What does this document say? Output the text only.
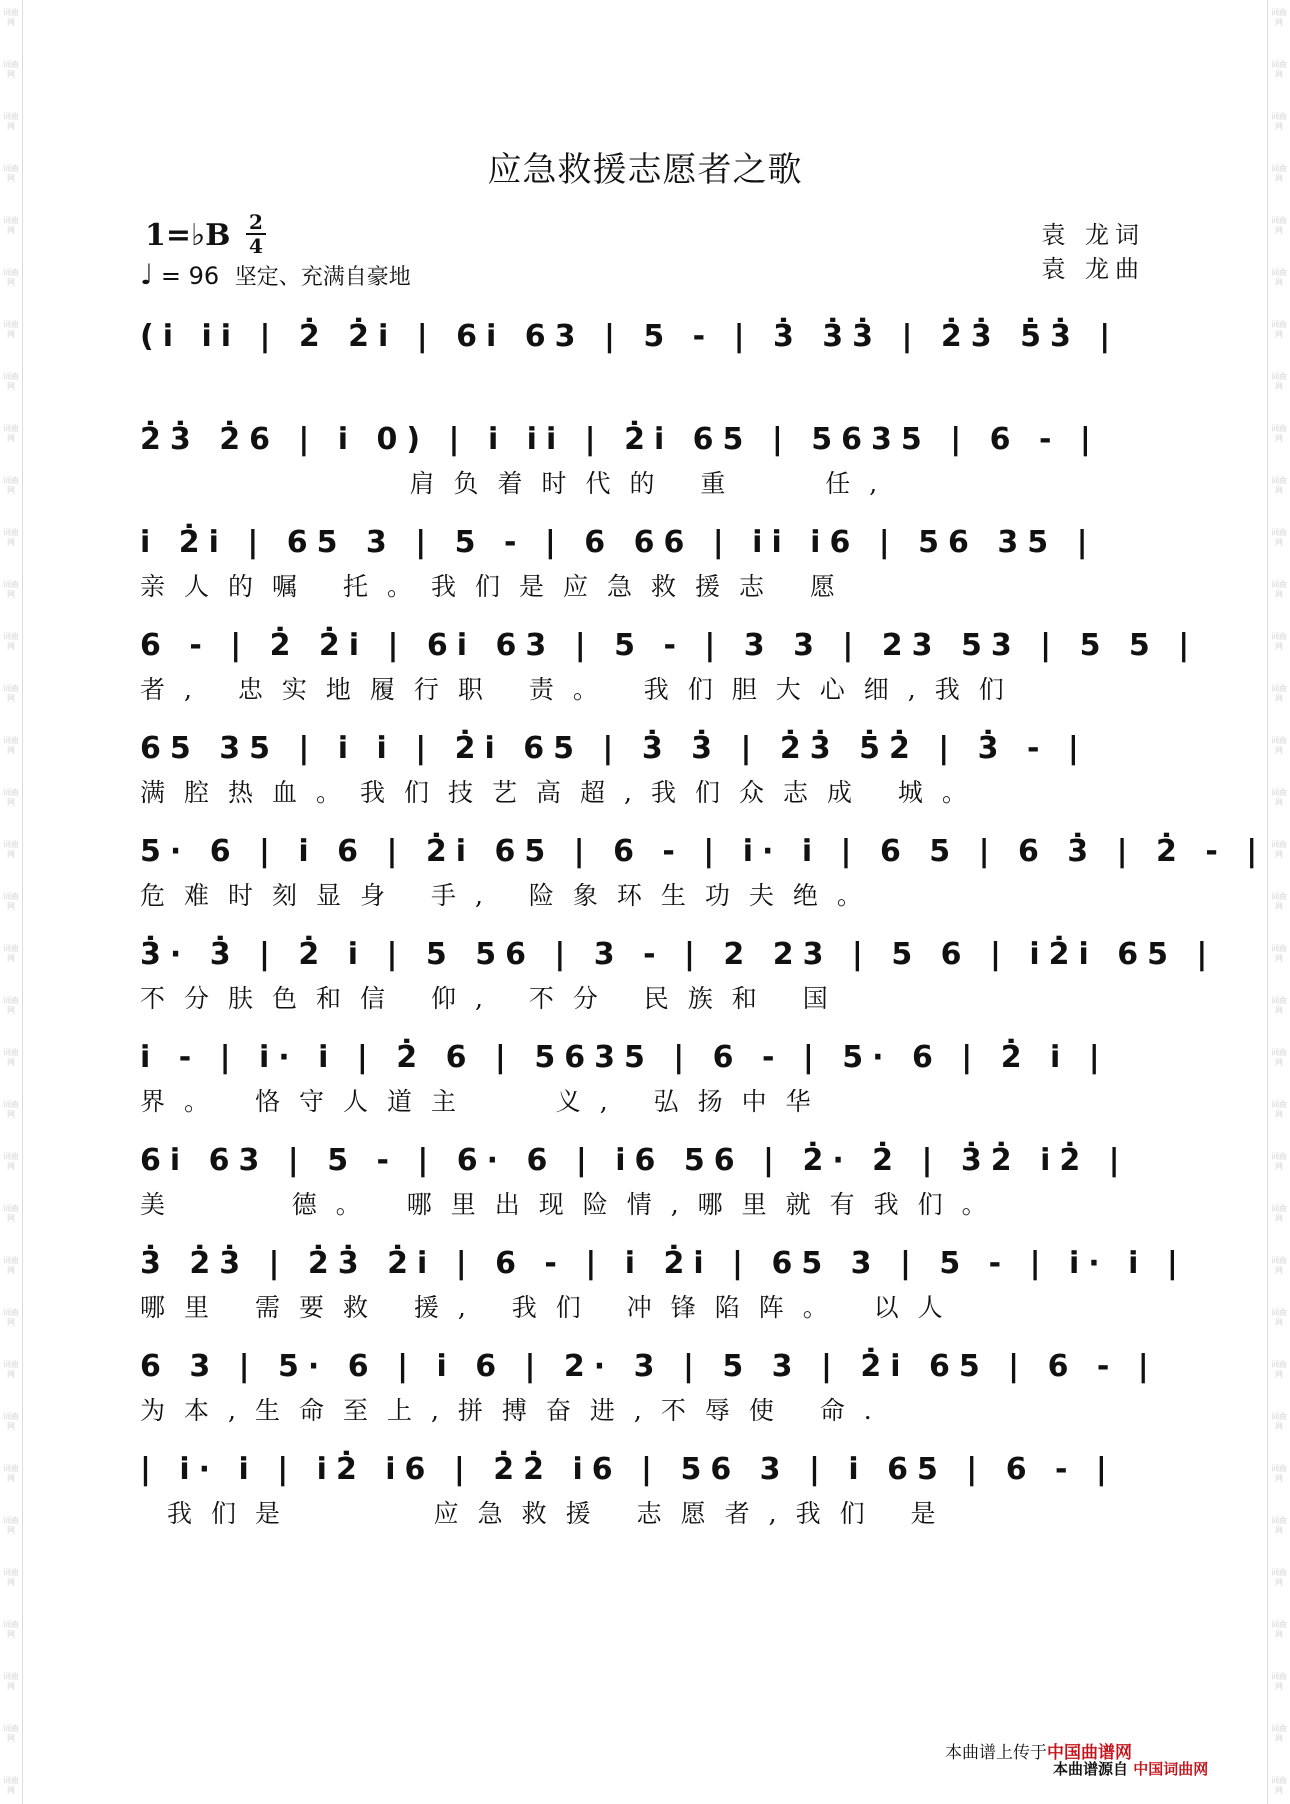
词曲网
词曲网
词曲网
词曲网
词曲网
词曲网
词曲网
词曲网
词曲网
词曲网
词曲网
词曲网
词曲网
词曲网
词曲网
词曲网
词曲网
词曲网
词曲网
词曲网
词曲网
词曲网
词曲网
词曲网
词曲网
词曲网
词曲网
词曲网
词曲网
词曲网
词曲网
词曲网
词曲网
词曲网
词曲网
词曲网
词曲网
词曲网
词曲网
词曲网
词曲网
词曲网
词曲网
词曲网
词曲网
词曲网
词曲网
词曲网
词曲网
词曲网
词曲网
词曲网
词曲网
词曲网
词曲网
词曲网
词曲网
词曲网
词曲网
词曲网
词曲网
词曲网
词曲网
词曲网
词曲网
词曲网
词曲网
词曲网
词曲网
词曲网
应急救援志愿者之歌
1=♭B 2
4
♩ = 96 坚定、充满自豪地
袁 龙词
袁 龙曲
(i̇ i̇i̇ | 2̇ 2̇i̇ | 6i̇ 63 | 5 - | 3̇ 3̇3̇ | 2̇3̇ 5̇3̇ |
2̇3̇ 2̇6 | i̇ 0) | i̇ i̇i̇ | 2̇i̇ 65 | 5635 | 6 - |
肩负着时代的 重   任,
i̇ 2̇i̇ | 65 3 | 5 - | 6 66 | i̇i̇ i̇6 | 56 35 |
亲人的嘱 托。我们是应急救援志 愿
6 - | 2̇ 2̇i̇ | 6i̇ 63 | 5 - | 3 3 | 23 53 | 5 5 |
者, 忠实地履行职 责。 我们胆大心细,我们
65 35 | i̇ i̇ | 2̇i̇ 65 | 3̇ 3̇ | 2̇3̇ 5̇2̇ | 3̇ - |
满腔热血。我们技艺高超,我们众志成 城。
5· 6 | i̇ 6 | 2̇i̇ 65 | 6 - | i̇· i̇ | 6 5 | 6 3̇ | 2̇ - |
危难时刻显身 手, 险象环生功夫绝。
3̇· 3̇ | 2̇ i̇ | 5 56 | 3 - | 2 23 | 5 6 | i̇2̇i̇ 65 |
不分肤色和信 仰, 不分 民族和 国
i̇ - | i̇· i̇ | 2̇ 6 | 5635 | 6 - | 5· 6 | 2̇ i̇ |
界。 恪守人道主   义, 弘扬中华
6i̇ 63 | 5 - | 6· 6 | i̇6 56 | 2̇· 2̇ | 3̇2̇ i̇2̇ |
美    德。 哪里出现险情,哪里就有我们。
3̇ 2̇3̇ | 2̇3̇ 2̇i̇ | 6 - | i̇ 2̇i̇ | 65 3 | 5 - | i̇· i̇ |
哪里 需要救 援, 我们 冲锋陷阵。 以人
6 3 | 5· 6 | i̇ 6 | 2· 3 | 5 3 | 2̇i̇ 65 | 6 - |
为本,生命至上,拼搏奋进,不辱使 命.
| i̇· i̇ | i̇2̇ i̇6 | 2̇2̇ i̇6 | 56 3 | i̇ 65 | 6 - |
我们是     应急救援 志愿者,我们 是
本曲谱上传于中国曲谱网
本曲谱源自 中国词曲网
